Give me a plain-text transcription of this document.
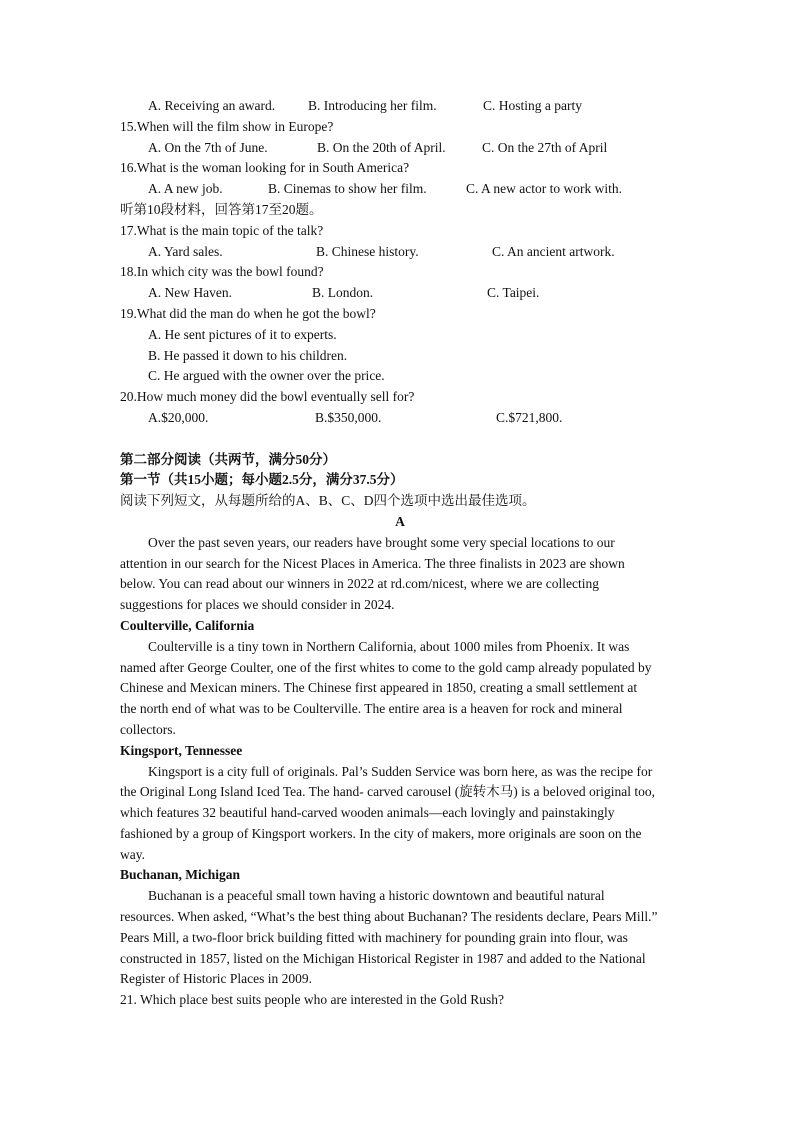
A. Receiving an award. B. Introducing her film.	C. Hosting a party
15.When will the film show in Europe?
A. On the 7th of June.	B. On the 20th of April.	C. On the 27th of April
16.What is the woman looking for in South America?
A. A new job.	B. Cinemas to show her film.	C. A new actor to work with.
听第10段材料，回答第17至20题。
17.What is the main topic of the talk?
A. Yard sales.	B. Chinese history.	C. An ancient artwork.
18.In which city was the bowl found?
A. New Haven.	B. London.	C. Taipei.
19.What did the man do when he got the bowl?
A. He sent pictures of it to experts.
B. He passed it down to his children.
C. He argued with the owner over the price.
20.How much money did the bowl eventually sell for?
A.$20,000.	B.$350,000.	C.$721,800.
第二部分阅读（共两节，满分50分）
第一节（共15小题；每小题2.5分，满分37.5分）
阅读下列短文，从每题所给的A、B、C、D四个选项中选出最佳选项。
A
Over the past seven years, our readers have brought some very special locations to our
attention in our search for the Nicest Places in America. The three finalists in 2023 are shown
below. You can read about our winners in 2022 at rd.com/nicest, where we are collecting
suggestions for places we should consider in 2024.
Coulterville, California
Coulterville is a tiny town in Northern California, about 1000 miles from Phoenix. It was
named after George Coulter, one of the first whites to come to the gold camp already populated by
Chinese and Mexican miners. The Chinese first appeared in 1850, creating a small settlement at
the north end of what was to be Coulterville. The entire area is a heaven for rock and mineral
collectors.
Kingsport, Tennessee
Kingsport is a city full of originals. Pal’s Sudden Service was born here, as was the recipe for
the Original Long Island Iced Tea. The hand- carved carousel (旋转木马) is a beloved original too,
which features 32 beautiful hand-carved wooden animals—each lovingly and painstakingly
fashioned by a group of Kingsport workers. In the city of makers, more originals are soon on the
way.
Buchanan, Michigan
Buchanan is a peaceful small town having a historic downtown and beautiful natural
resources. When asked, “What’s the best thing about Buchanan? The residents declare, Pears Mill.”
Pears Mill, a two-floor brick building fitted with machinery for pounding grain into flour, was
constructed in 1857, listed on the Michigan Historical Register in 1987 and added to the National
Register of Historic Places in 2009.
21. Which place best suits people who are interested in the Gold Rush?
